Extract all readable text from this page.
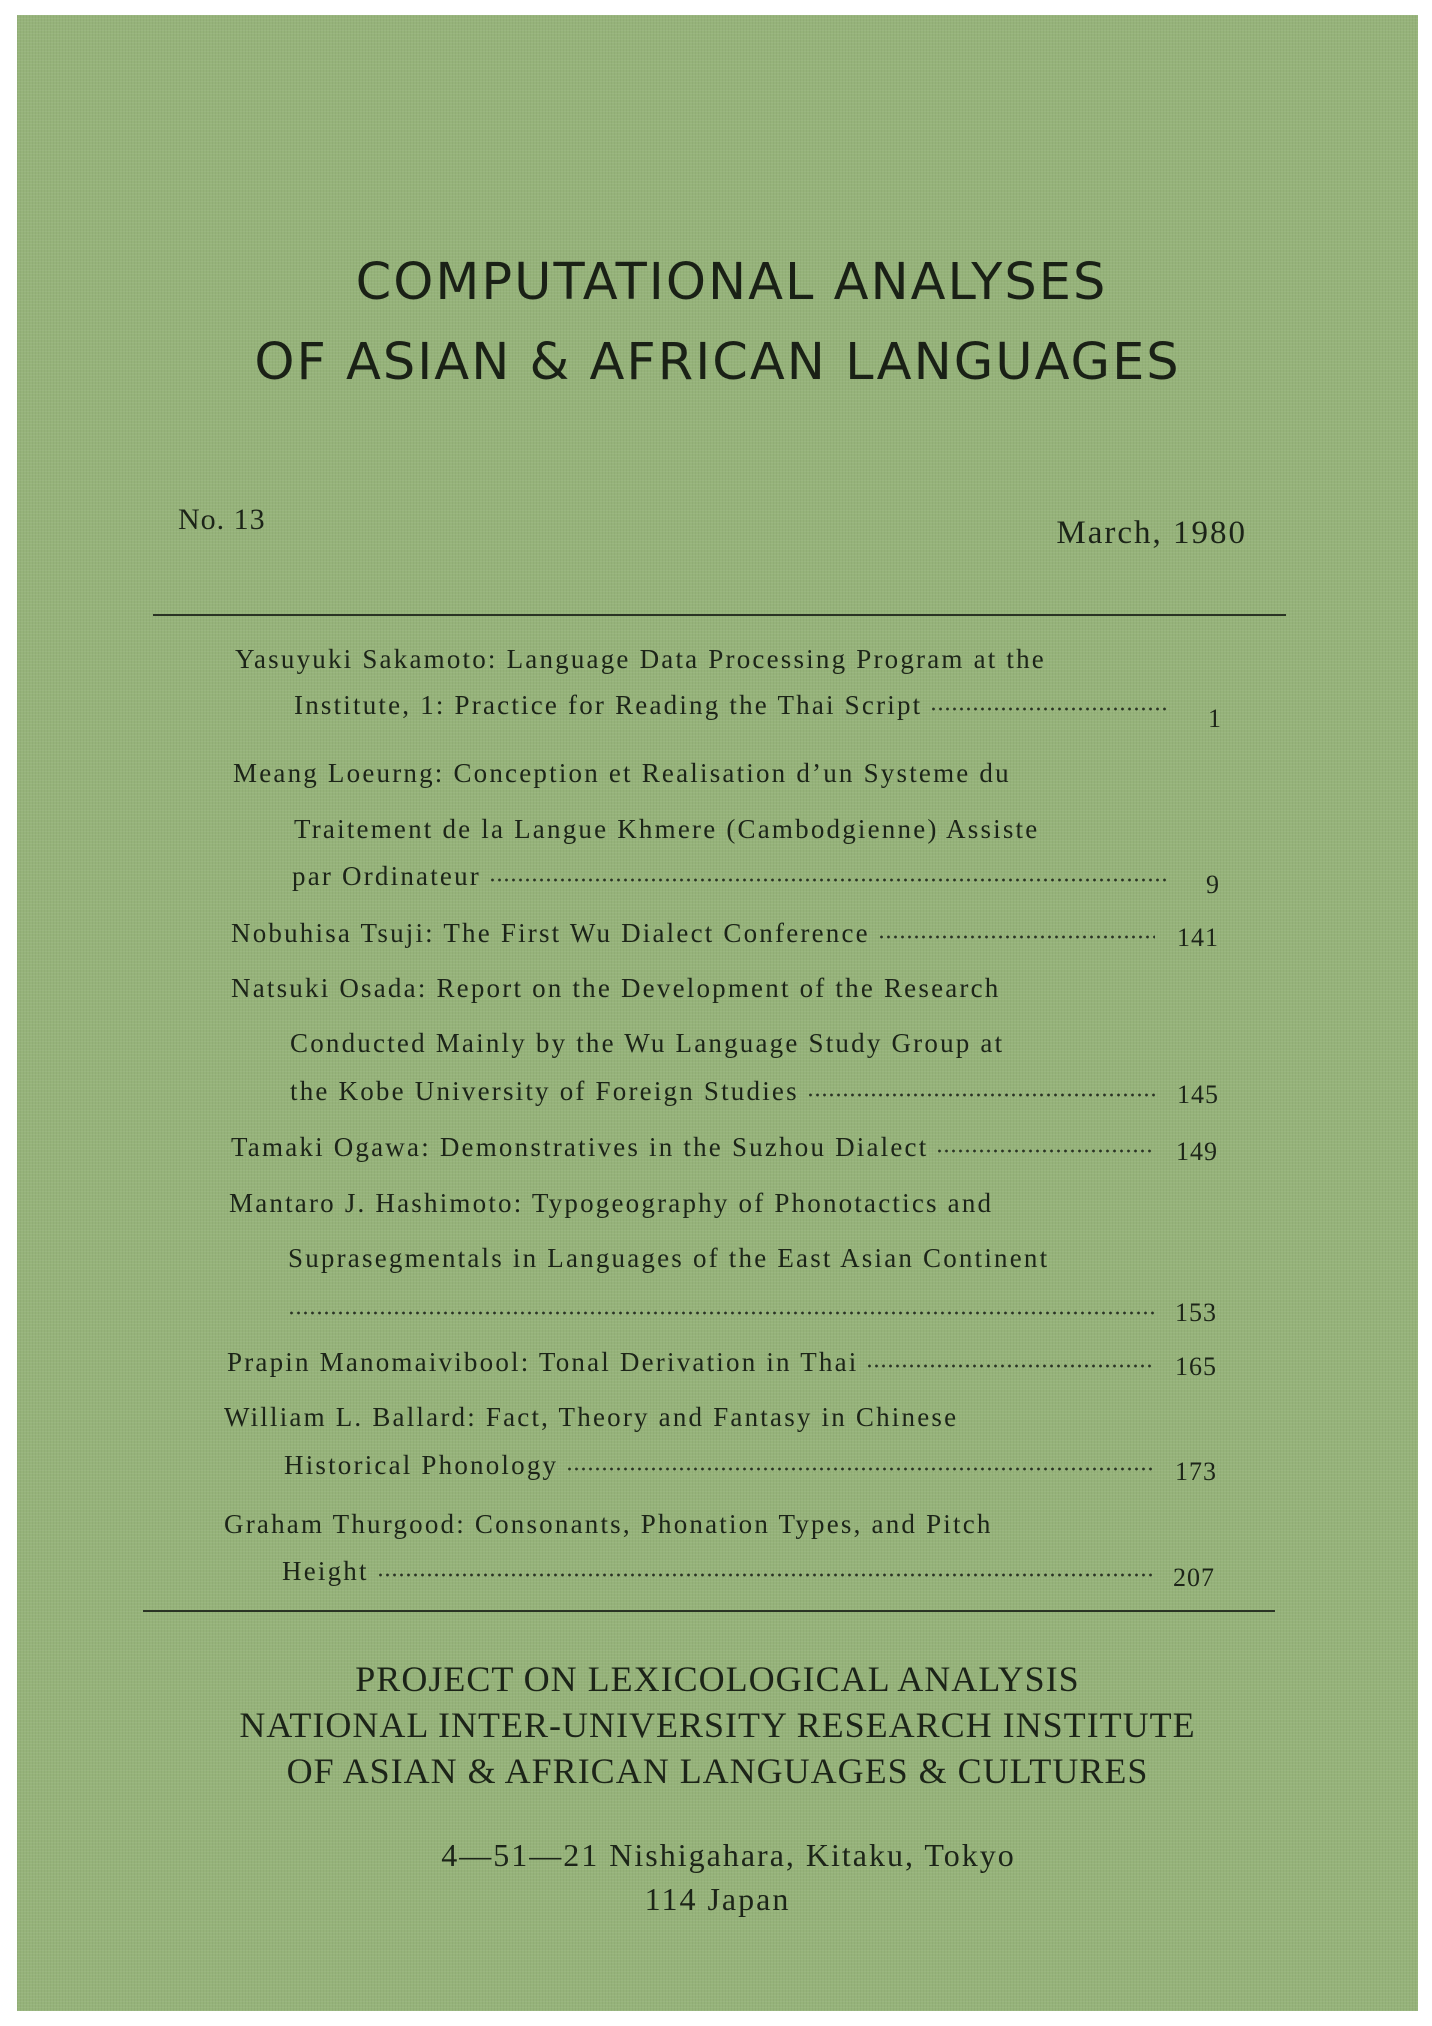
COMPUTATIONAL ANALYSES
OF ASIAN & AFRICAN LANGUAGES
No. 13	March, 1980
Yasuyuki Sakamoto: Language Data Processing Program at the
Institute, 1: Practice for Reading the Thai Script	1
Meang Loeurng: Conception et Realisation d’un Systeme du
Traitement de la Langue Khmere (Cambodgienne) Assiste
par Ordinateur	9
Nobuhisa Tsuji: The First Wu Dialect Conference	141
Natsuki Osada: Report on the Development of the Research
Conducted Mainly by the Wu Language Study Group at
the Kobe University of Foreign Studies	145
Tamaki Ogawa: Demonstratives in the Suzhou Dialect	149
Mantaro J. Hashimoto: Typogeography of Phonotactics and
Suprasegmentals in Languages of the East Asian Continent
153
Prapin Manomaivibool: Tonal Derivation in Thai	165
William L. Ballard: Fact, Theory and Fantasy in Chinese
Historical Phonology	173
Graham Thurgood: Consonants, Phonation Types, and Pitch
Height	207
PROJECT ON LEXICOLOGICAL ANALYSIS
NATIONAL INTER-UNIVERSITY RESEARCH INSTITUTE
OF ASIAN & AFRICAN LANGUAGES & CULTURES
4—51—21 Nishigahara, Kitaku, Tokyo
114 Japan
